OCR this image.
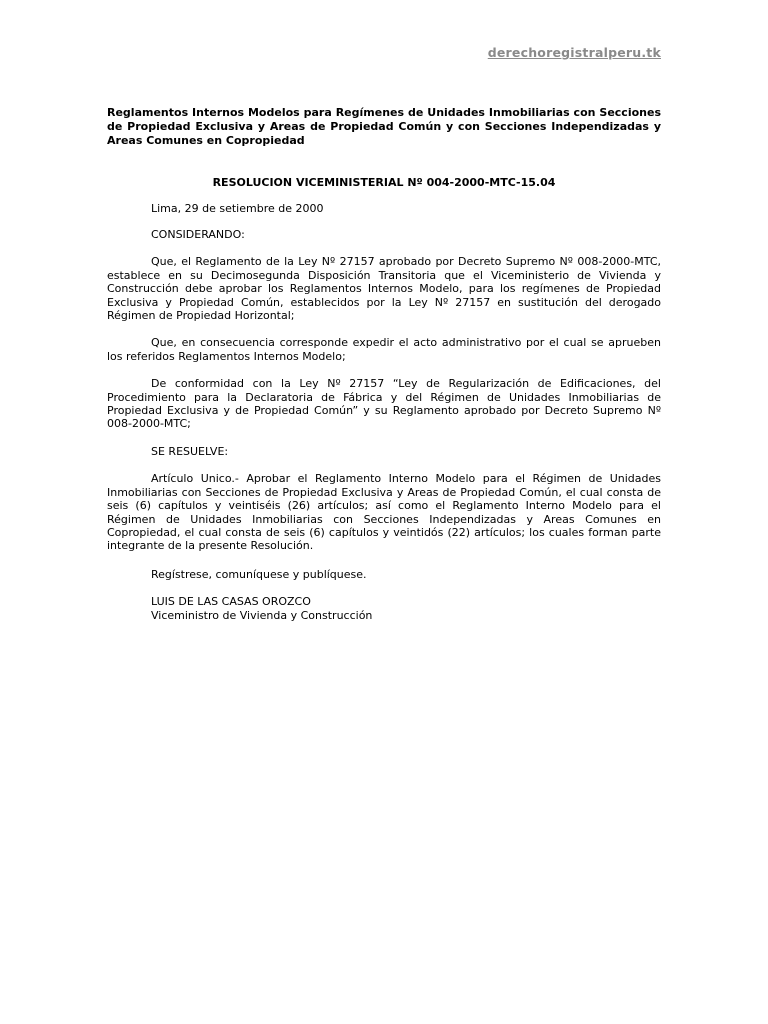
derechoregistralperu.tk

Reglamentos Internos Modelos para Regímenes de Unidades Inmobiliarias con Secciones de Propiedad Exclusiva y Areas de Propiedad Común y con Secciones Independizadas y Areas Comunes en Copropiedad

RESOLUCION VICEMINISTERIAL Nº 004-2000-MTC-15.04

Lima, 29 de setiembre de 2000

CONSIDERANDO:

Que, el Reglamento de la Ley Nº 27157 aprobado por Decreto Supremo Nº 008-2000-MTC, establece en su Decimosegunda Disposición Transitoria que el Viceministerio de Vivienda y Construcción debe aprobar los Reglamentos Internos Modelo, para los regímenes de Propiedad Exclusiva y Propiedad Común, establecidos por la Ley Nº 27157 en sustitución del derogado Régimen de Propiedad Horizontal;

Que, en consecuencia corresponde expedir el acto administrativo por el cual se aprueben los referidos Reglamentos Internos Modelo;

De conformidad con la Ley Nº 27157 “Ley de Regularización de Edificaciones, del Procedimiento para la Declaratoria de Fábrica y del Régimen de Unidades Inmobiliarias de Propiedad Exclusiva y de Propiedad Común” y su Reglamento aprobado por Decreto Supremo Nº 008-2000-MTC;

SE RESUELVE:

Artículo Unico.- Aprobar el Reglamento Interno Modelo para el Régimen de Unidades Inmobiliarias con Secciones de Propiedad Exclusiva y Areas de Propiedad Común, el cual consta de seis (6) capítulos y veintiséis (26) artículos; así como el Reglamento Interno Modelo para el Régimen de Unidades Inmobiliarias con Secciones Independizadas y Areas Comunes en Copropiedad, el cual consta de seis (6) capítulos y veintidós (22) artículos; los cuales forman parte integrante de la presente Resolución.

Regístrese, comuníquese y publíquese.

LUIS DE LAS CASAS OROZCO

Viceministro de Vivienda y Construcción
